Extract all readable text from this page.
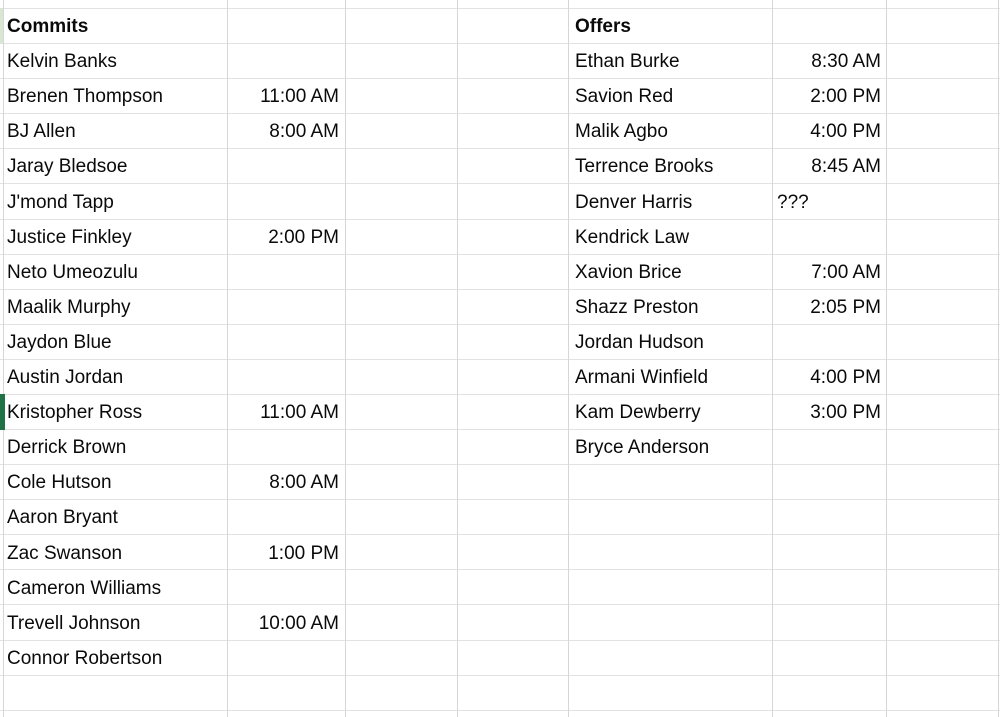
Commits
Kelvin Banks
Brenen Thompson	11:00 AM
BJ Allen	8:00 AM
Jaray Bledsoe
J'mond Tapp
Justice Finkley	2:00 PM
Neto Umeozulu
Maalik Murphy
Jaydon Blue
Austin Jordan
Kristopher Ross	11:00 AM
Derrick Brown
Cole Hutson	8:00 AM
Aaron Bryant
Zac Swanson	1:00 PM
Cameron Williams
Trevell Johnson	10:00 AM
Connor Robertson
Offers
Ethan Burke	8:30 AM
Savion Red	2:00 PM
Malik Agbo	4:00 PM
Terrence Brooks	8:45 AM
Denver Harris	???
Kendrick Law
Xavion Brice	7:00 AM
Shazz Preston	2:05 PM
Jordan Hudson
Armani Winfield	4:00 PM
Kam Dewberry	3:00 PM
Bryce Anderson
